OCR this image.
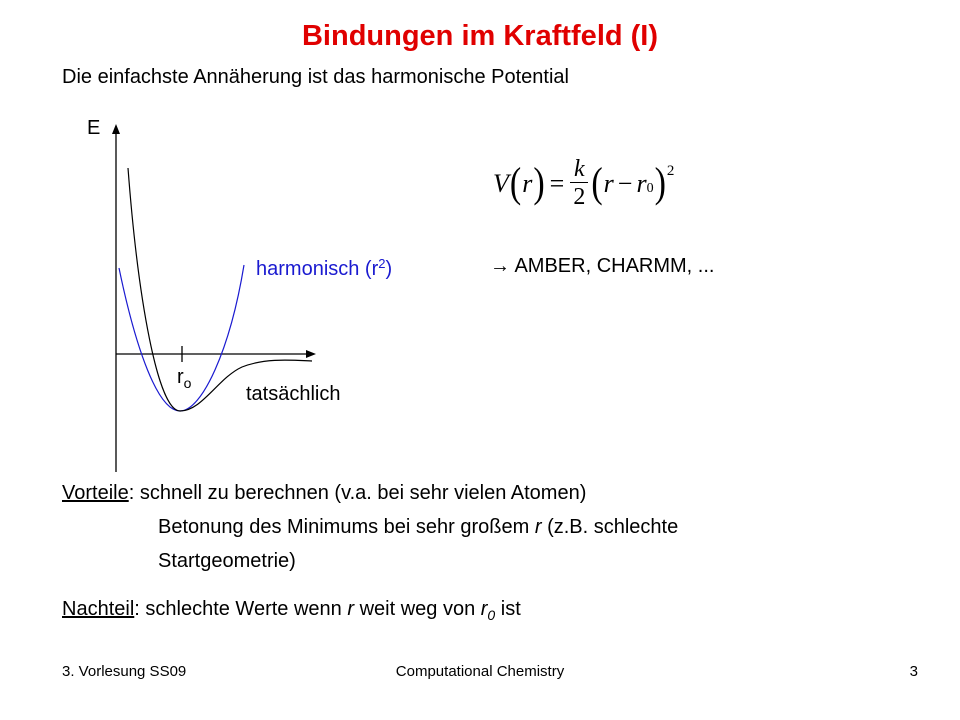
Bindungen im Kraftfeld (I)
Die einfachste Annäherung ist das harmonische Potential
E
harmonisch $(r^2)$
$r_o$	tatsächlich
V ( r ) = $\frac{k}{2}$ ( $r - r_0$ )$^2$
→ AMBER, CHARMM, ...
Vorteile: schnell zu berechnen (v.a. bei sehr vielen Atomen)
Betonung des Minimums bei sehr großem r (z.B. schlechte
Startgeometrie)
Nachteil: schlechte Werte wenn r weit weg von $r_0$ ist
3. Vorlesung SS09	Computational Chemistry	3
